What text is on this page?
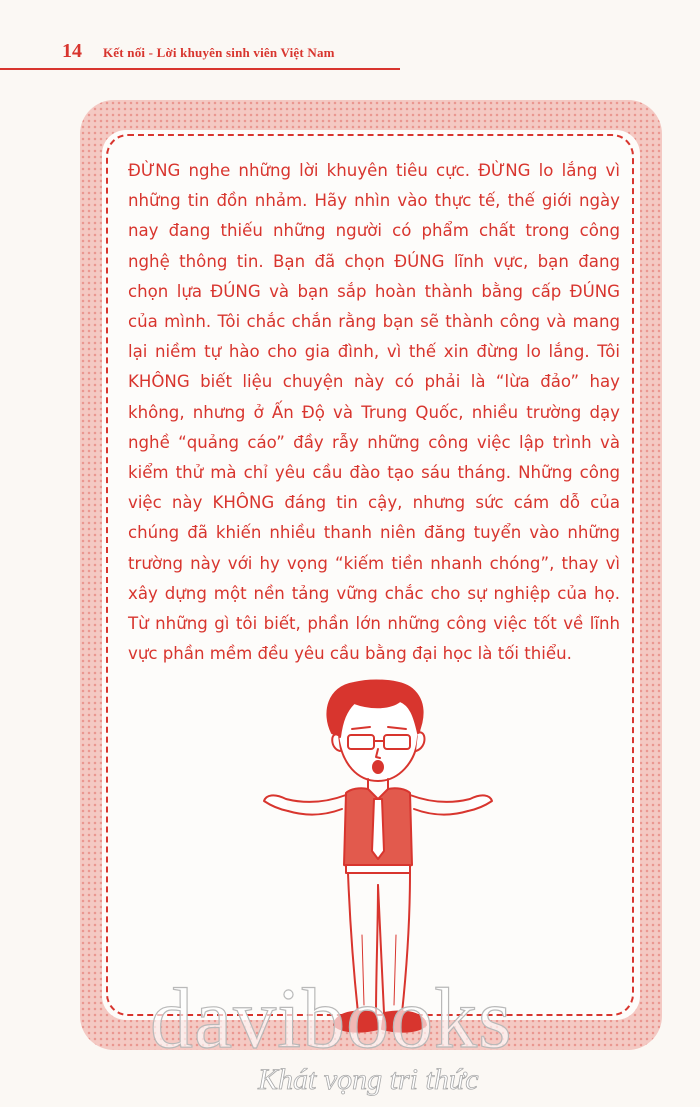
14 Kết nối - Lời khuyên sinh viên Việt Nam
ĐỪNG nghe những lời khuyên tiêu cực. ĐỪNG lo lắng vì những tin đồn nhảm. Hãy nhìn vào thực tế, thế giới ngày nay đang thiếu những người có phẩm chất trong công nghệ thông tin. Bạn đã chọn ĐÚNG lĩnh vực, bạn đang chọn lựa ĐÚNG và bạn sắp hoàn thành bằng cấp ĐÚNG của mình. Tôi chắc chắn rằng bạn sẽ thành công và mang lại niềm tự hào cho gia đình, vì thế xin đừng lo lắng. Tôi KHÔNG biết liệu chuyện này có phải là “lừa đảo” hay không, nhưng ở Ấn Độ và Trung Quốc, nhiều trường dạy nghề “quảng cáo” đầy rẫy những công việc lập trình và kiểm thử mà chỉ yêu cầu đào tạo sáu tháng. Những công việc này KHÔNG đáng tin cậy, nhưng sức cám dỗ của chúng đã khiến nhiều thanh niên đăng tuyển vào những trường này với hy vọng “kiếm tiền nhanh chóng”, thay vì xây dựng một nền tảng vững chắc cho sự nghiệp của họ. Từ những gì tôi biết, phần lớn những công việc tốt về lĩnh vực phần mềm đều yêu cầu bằng đại học là tối thiểu.
davibooks
Khát vọng tri thức
